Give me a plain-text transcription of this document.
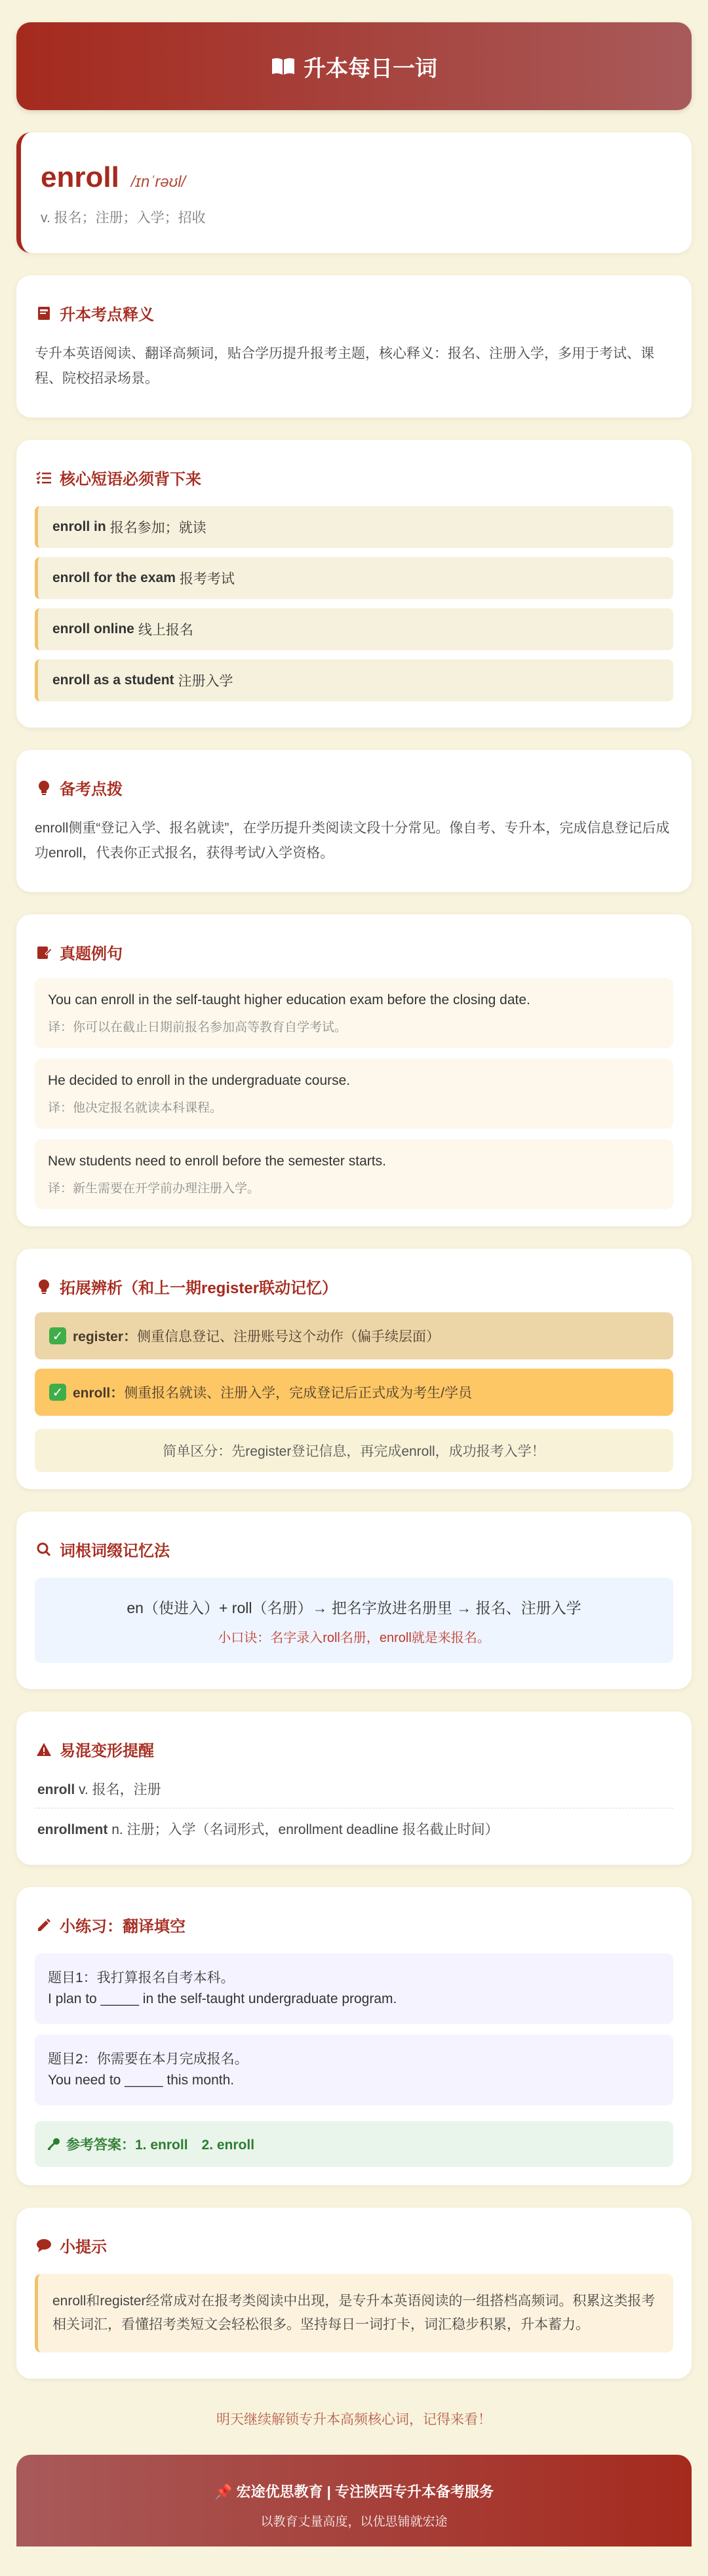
升本每日一词
enroll /ɪnˈrəʊl/
v. 报名；注册；入学；招收
升本考点释义
专升本英语阅读、翻译高频词，贴合学历提升报考主题，核心释义：报名、注册入学，多用于考试、课程、院校招录场景。
核心短语必须背下来
enroll in 报名参加；就读
enroll for the exam 报考考试
enroll online 线上报名
enroll as a student 注册入学
备考点拨
enroll侧重“登记入学、报名就读”，在学历提升类阅读文段十分常见。像自考、专升本，完成信息登记后成功enroll，代表你正式报名，获得考试/入学资格。
真题例句
You can enroll in the self-taught higher education exam before the closing date.
译：你可以在截止日期前报名参加高等教育自学考试。
He decided to enroll in the undergraduate course.
译：他决定报名就读本科课程。
New students need to enroll before the semester starts.
译：新生需要在开学前办理注册入学。
拓展辨析（和上一期register联动记忆）
✓ register： 侧重信息登记、注册账号这个动作（偏手续层面）
✓ enroll： 侧重报名就读、注册入学，完成登记后正式成为考生/学员
简单区分：先register登记信息，再完成enroll，成功报考入学！
词根词缀记忆法
en（使进入）+ roll（名册）→ 把名字放进名册里 → 报名、注册入学
小口诀：名字录入roll名册，enroll就是来报名。
易混变形提醒
enroll v. 报名，注册
enrollment n. 注册；入学（名词形式，enrollment deadline 报名截止时间）
小练习：翻译填空
题目1：我打算报名自考本科。
I plan to _____ in the self-taught undergraduate program.
题目2：你需要在本月完成报名。
You need to _____ this month.
参考答案：1. enroll　2. enroll
小提示
enroll和register经常成对在报考类阅读中出现，是专升本英语阅读的一组搭档高频词。积累这类报考相关词汇，看懂招考类短文会轻松很多。坚持每日一词打卡，词汇稳步积累，升本蓄力。
明天继续解锁专升本高频核心词，记得来看！
📌 宏途优思教育 | 专注陕西专升本备考服务
以教育丈量高度，以优思铺就宏途
